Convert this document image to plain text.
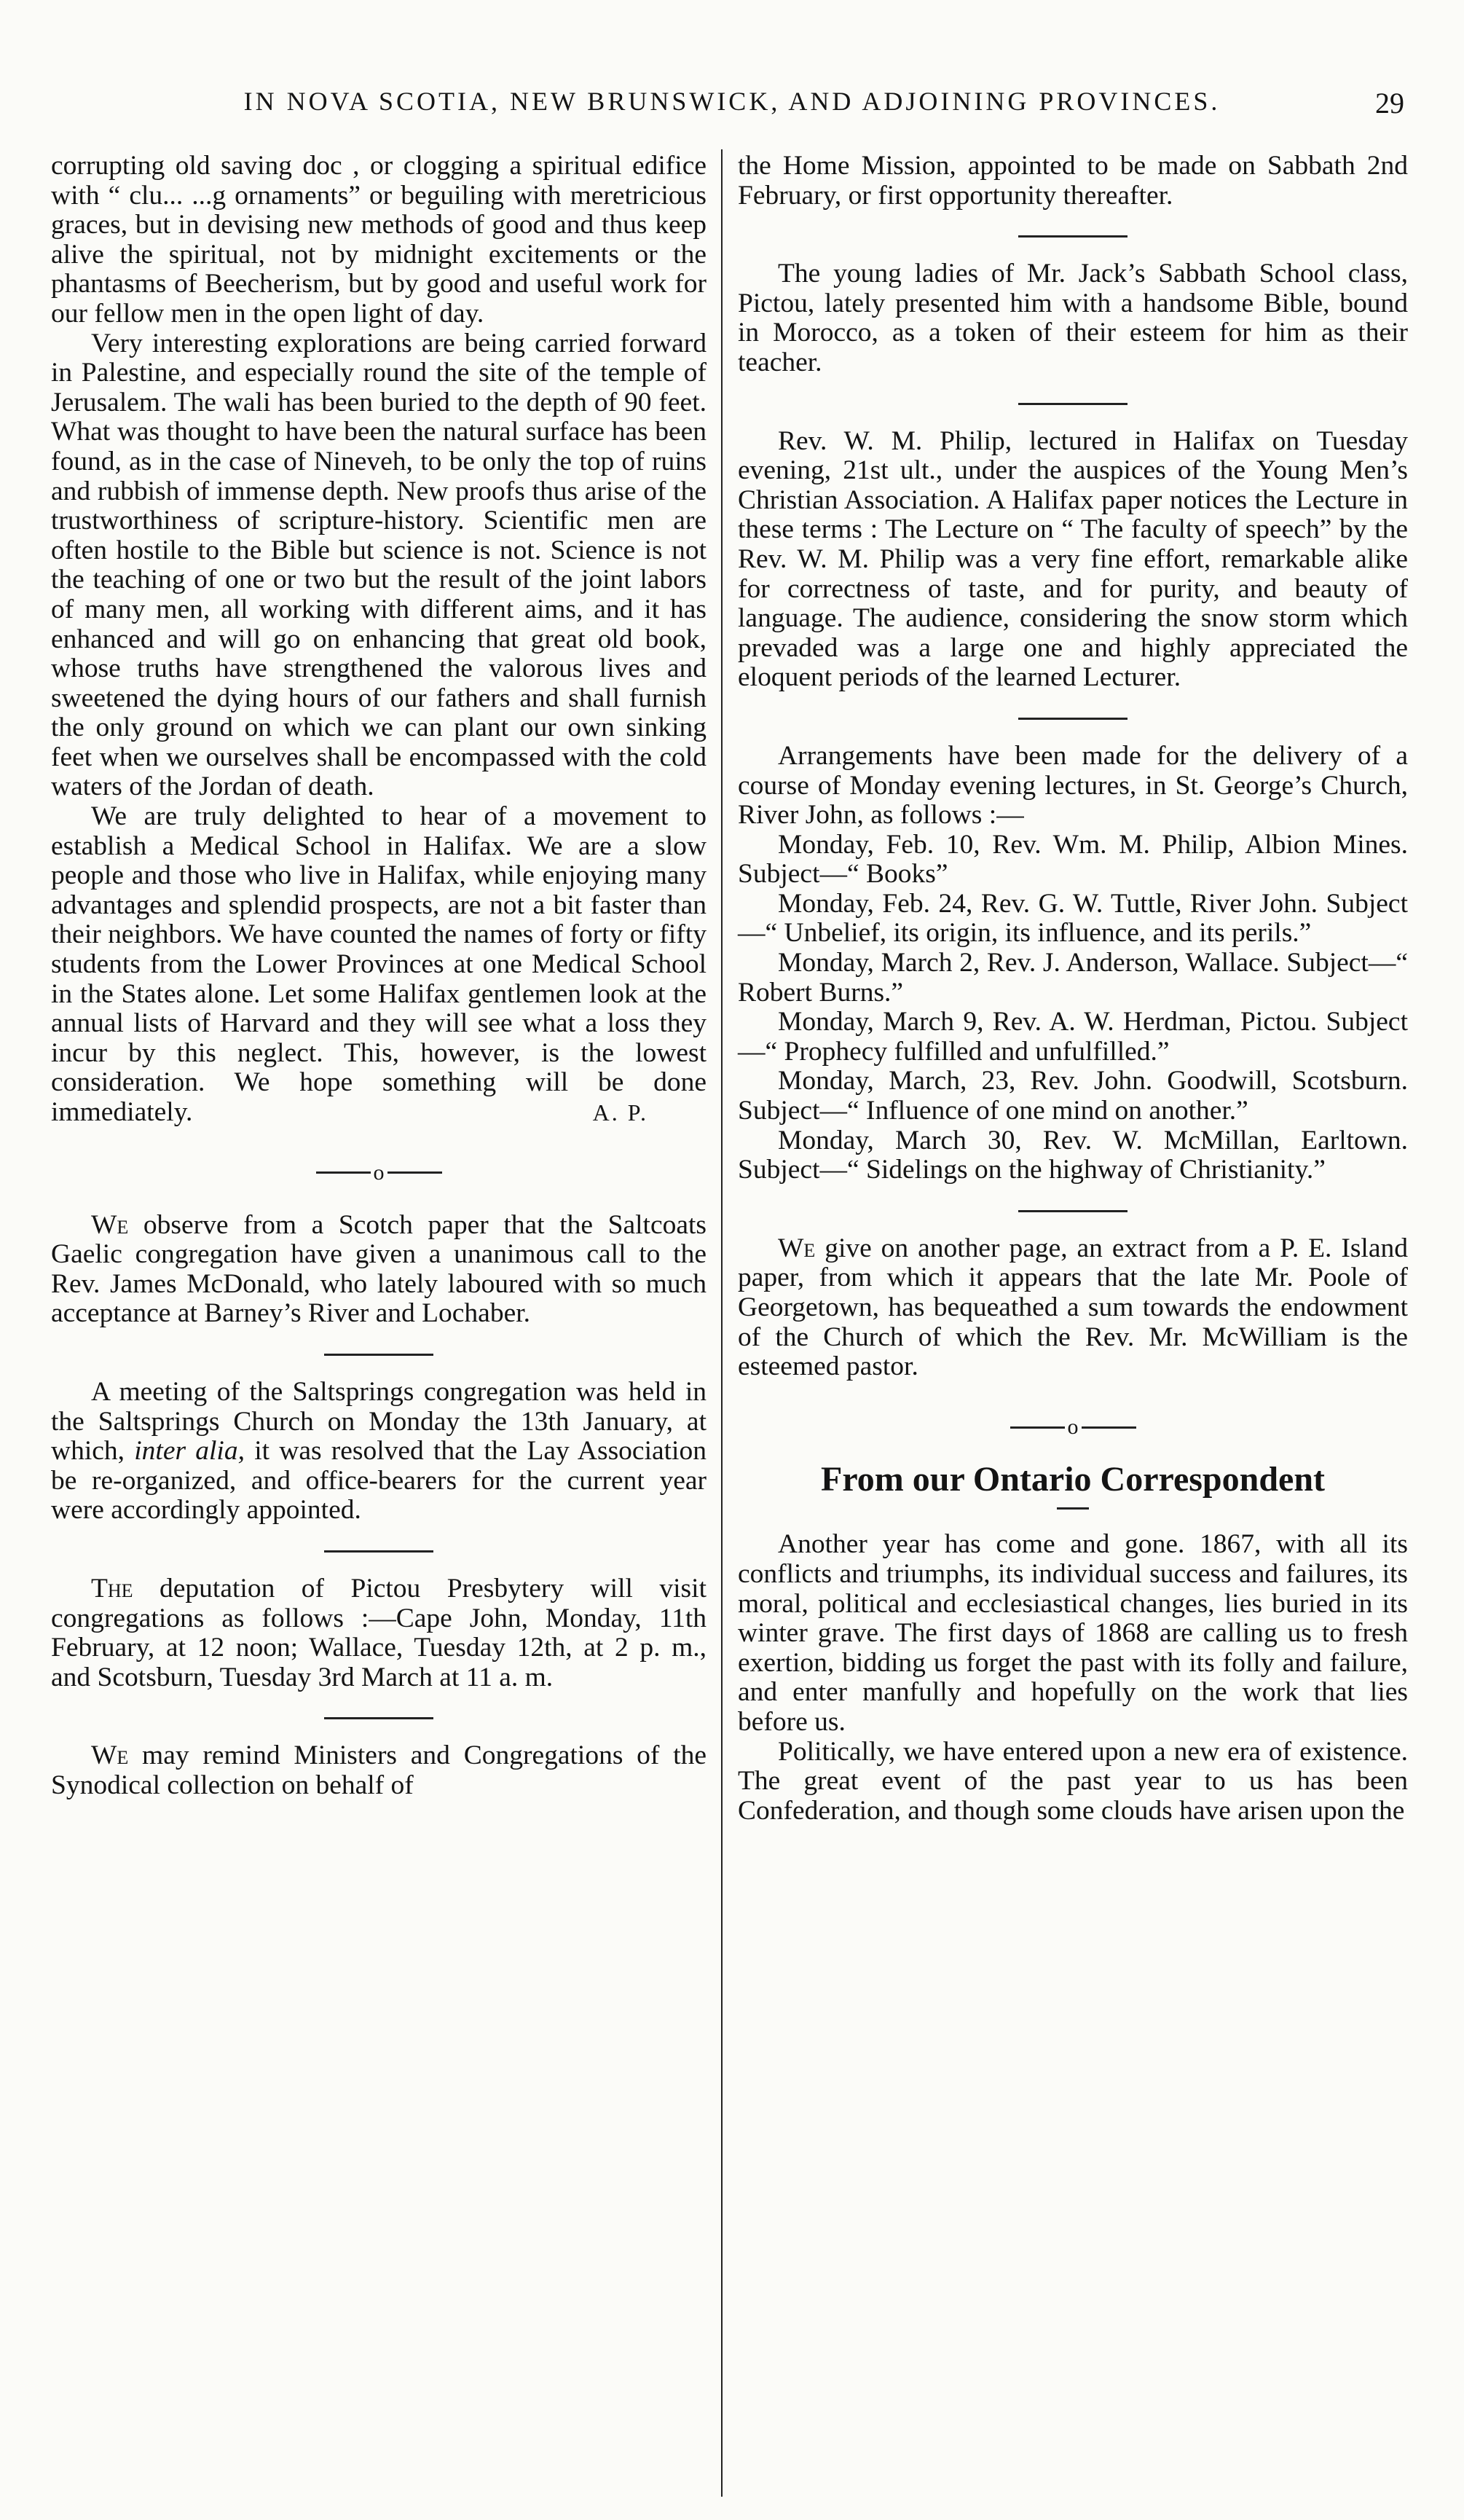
IN NOVA SCOTIA, NEW BRUNSWICK, AND ADJOINING PROVINCES.	29

corrupting old saving doc , or clogging a spiritual edifice with “ clu... ...g ornaments” or beguiling with meretricious graces, but in devising new methods of good and thus keep alive the spiritual, not by midnight excitements or the phantasms of Beecherism, but by good and useful work for our fellow men in the open light of day.

Very interesting explorations are being carried forward in Palestine, and especially round the site of the temple of Jerusalem. The wali has been buried to the depth of 90 feet. What was thought to have been the natural surface has been found, as in the case of Nineveh, to be only the top of ruins and rubbish of immense depth. New proofs thus arise of the trustworthiness of scripture-history. Scientific men are often hostile to the Bible but science is not. Science is not the teaching of one or two but the result of the joint labors of many men, all working with different aims, and it has enhanced and will go on enhancing that great old book, whose truths have strengthened the valorous lives and sweetened the dying hours of our fathers and shall furnish the only ground on which we can plant our own sinking feet when we ourselves shall be encompassed with the cold waters of the Jordan of death.

We are truly delighted to hear of a movement to establish a Medical School in Halifax. We are a slow people and those who live in Halifax, while enjoying many advantages and splendid prospects, are not a bit faster than their neighbors. We have counted the names of forty or fifty students from the Lower Provinces at one Medical School in the States alone. Let some Halifax gentlemen look at the annual lists of Harvard and they will see what a loss they incur by this neglect. This, however, is the lowest consideration. We hope something will be done immediately.	A. P.

o

We observe from a Scotch paper that the Saltcoats Gaelic congregation have given a unanimous call to the Rev. James McDonald, who lately laboured with so much acceptance at Barney’s River and Lochaber.

A meeting of the Saltsprings congregation was held in the Saltsprings Church on Monday the 13th January, at which, inter alia, it was resolved that the Lay Association be re-organized, and office-bearers for the current year were accordingly appointed.

The deputation of Pictou Presbytery will visit congregations as follows :—Cape John, Monday, 11th February, at 12 noon; Wallace, Tuesday 12th, at 2 p. m., and Scotsburn, Tuesday 3rd March at 11 a. m.

We may remind Ministers and Congregations of the Synodical collection on behalf of

the Home Mission, appointed to be made on Sabbath 2nd February, or first opportunity thereafter.

The young ladies of Mr. Jack’s Sabbath School class, Pictou, lately presented him with a handsome Bible, bound in Morocco, as a token of their esteem for him as their teacher.

Rev. W. M. Philip, lectured in Halifax on Tuesday evening, 21st ult., under the auspices of the Young Men’s Christian Association. A Halifax paper notices the Lecture in these terms : The Lecture on “ The faculty of speech” by the Rev. W. M. Philip was a very fine effort, remarkable alike for correctness of taste, and for purity, and beauty of language. The audience, considering the snow storm which prevaded was a large one and highly appreciated the eloquent periods of the learned Lecturer.

Arrangements have been made for the delivery of a course of Monday evening lectures, in St. George’s Church, River John, as follows :—

Monday, Feb. 10, Rev. Wm. M. Philip, Albion Mines. Subject—“ Books”

Monday, Feb. 24, Rev. G. W. Tuttle, River John. Subject—“ Unbelief, its origin, its influence, and its perils.”

Monday, March 2, Rev. J. Anderson, Wallace. Subject—“ Robert Burns.”

Monday, March 9, Rev. A. W. Herdman, Pictou. Subject—“ Prophecy fulfilled and unfulfilled.”

Monday, March, 23, Rev. John. Goodwill, Scotsburn. Subject—“ Influence of one mind on another.”

Monday, March 30, Rev. W. McMillan, Earltown. Subject—“ Sidelings on the highway of Christianity.”

We give on another page, an extract from a P. E. Island paper, from which it appears that the late Mr. Poole of Georgetown, has bequeathed a sum towards the endowment of the Church of which the Rev. Mr. McWilliam is the esteemed pastor.

o
From our Ontario Correspondent

Another year has come and gone. 1867, with all its conflicts and triumphs, its individual success and failures, its moral, political and ecclesiastical changes, lies buried in its winter grave. The first days of 1868 are calling us to fresh exertion, bidding us forget the past with its folly and failure, and enter manfully and hopefully on the work that lies before us.

Politically, we have entered upon a new era of existence. The great event of the past year to us has been Confederation, and though some clouds have arisen upon the
